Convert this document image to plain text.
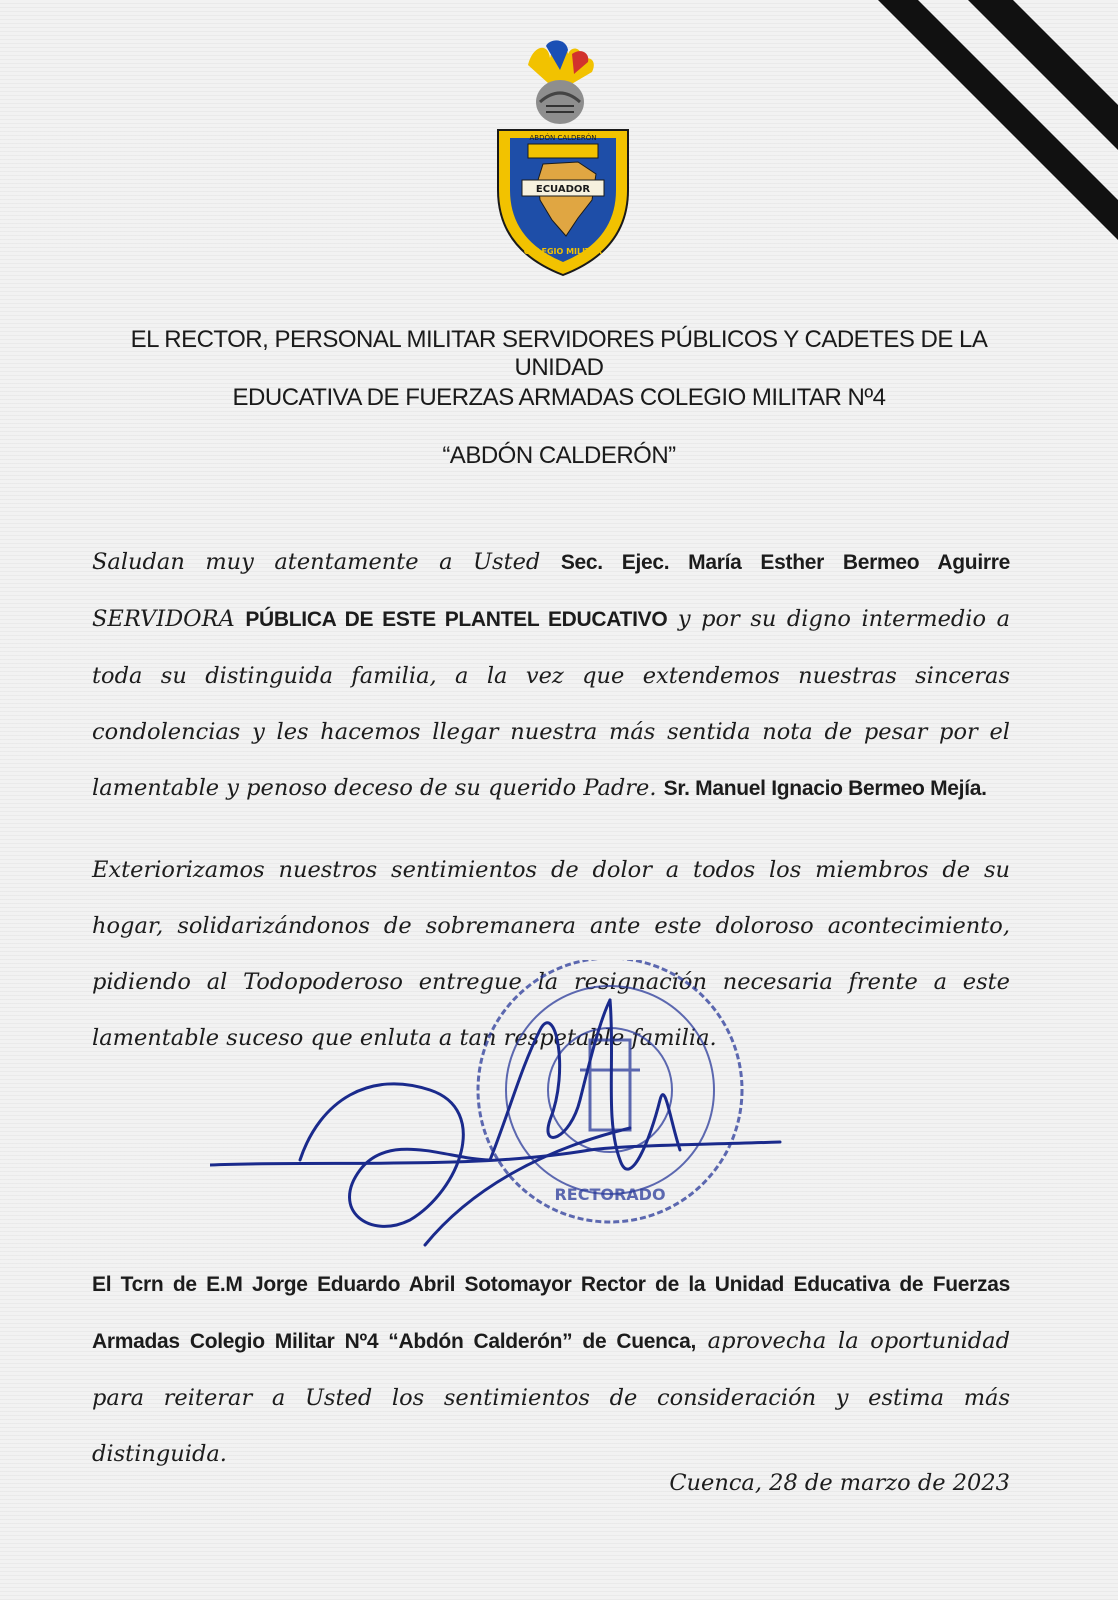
ABDÓN CALDERÓN
ECUADOR
COLEGIO MILITAR
EL RECTOR, PERSONAL MILITAR SERVIDORES PÚBLICOS Y CADETES DE LA UNIDAD
EDUCATIVA DE FUERZAS ARMADAS COLEGIO MILITAR Nº4
“ABDÓN CALDERÓN”
Saludan muy atentamente a Usted Sec. Ejec. María Esther Bermeo Aguirre SERVIDORA PÚBLICA DE ESTE PLANTEL EDUCATIVO y por su digno intermedio a toda su distinguida familia, a la vez que extendemos nuestras sinceras condolencias y les hacemos llegar nuestra más sentida nota de pesar por el lamentable y penoso deceso de su querido Padre. Sr. Manuel Ignacio Bermeo Mejía.
Exteriorizamos nuestros sentimientos de dolor a todos los miembros de su hogar, solidarizándonos de sobremanera ante este doloroso acontecimiento, pidiendo al Todopoderoso entregue la resignación necesaria frente a este lamentable suceso que enluta a tan respetable familia.
RECTORADO
El Tcrn de E.M Jorge Eduardo Abril Sotomayor Rector de la Unidad Educativa de Fuerzas Armadas Colegio Militar Nº4 “Abdón Calderón” de Cuenca, aprovecha la oportunidad para reiterar a Usted los sentimientos de consideración y estima más distinguida.
Cuenca, 28 de marzo de 2023
